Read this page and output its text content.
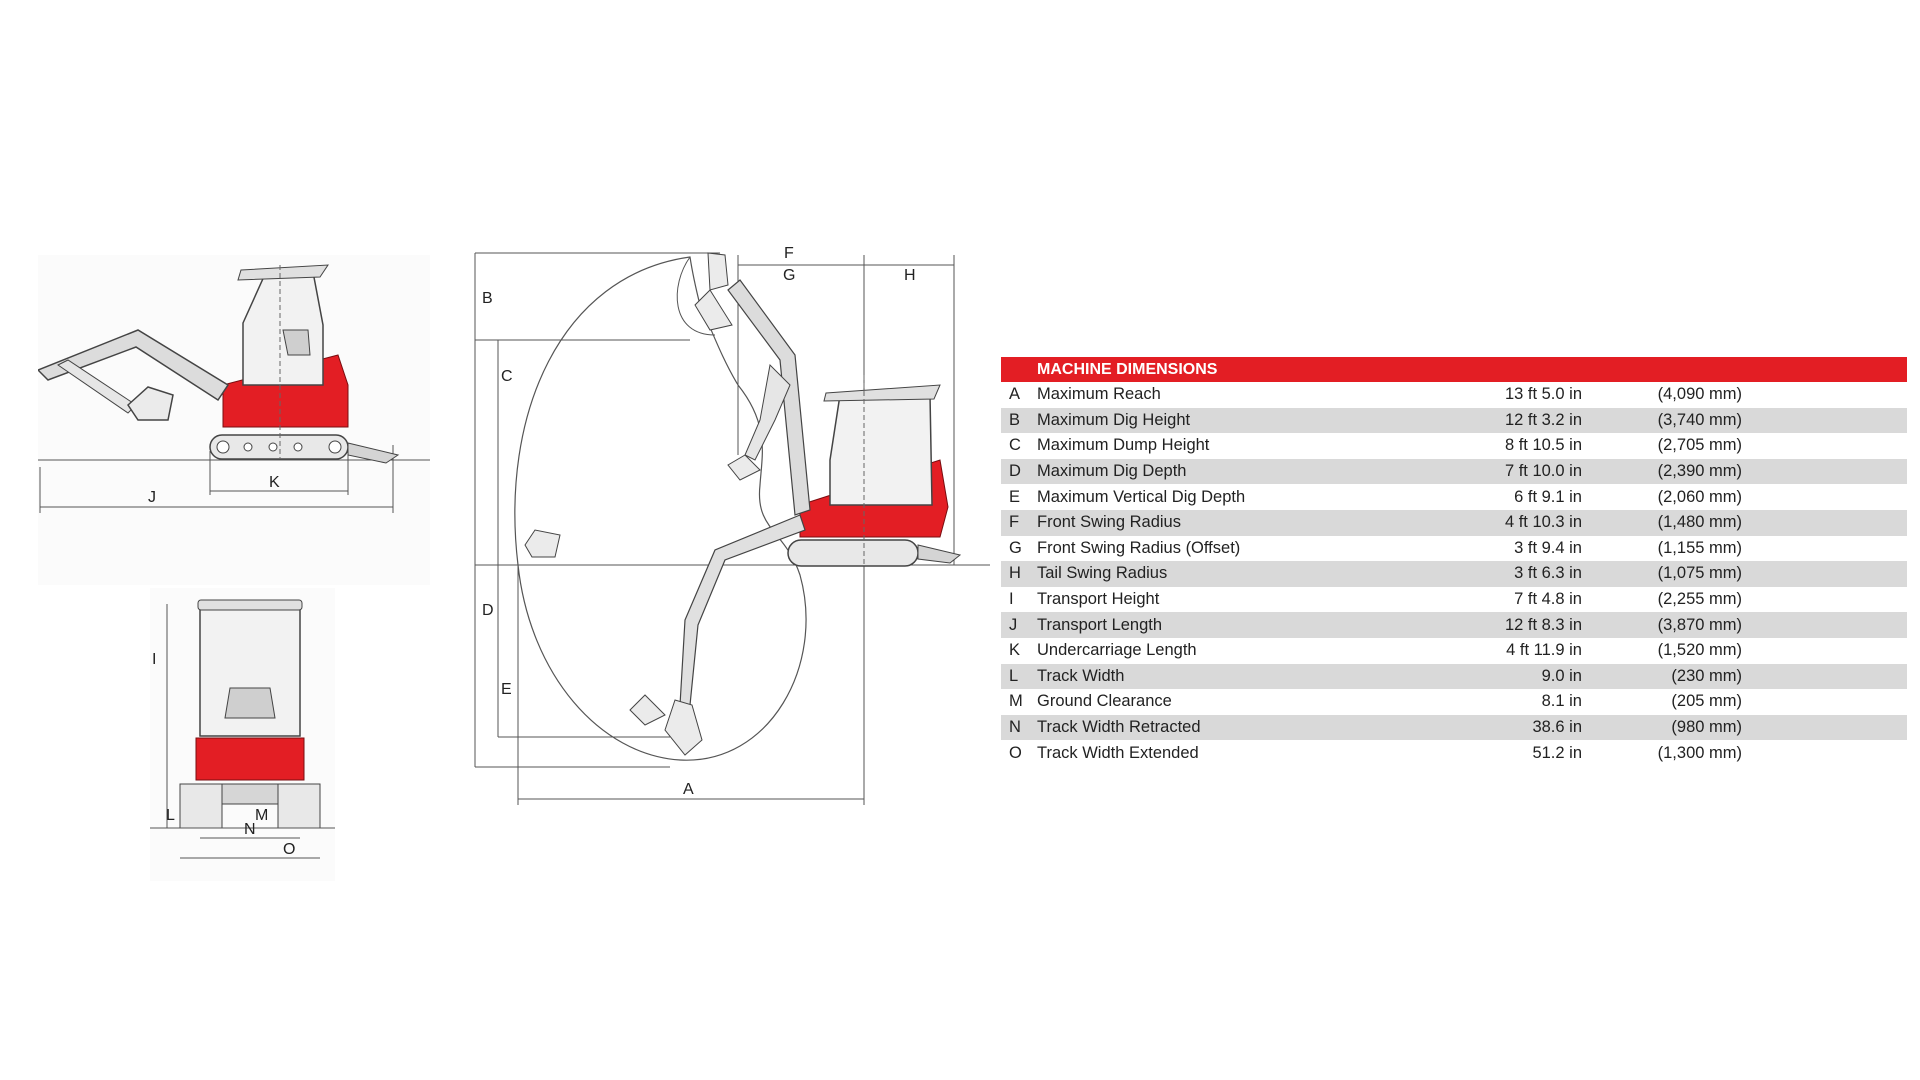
J
K
I
L	M
N
O
B
C
D
E
A
F
G	H
MACHINE DIMENSIONS				
A	Maximum Reach	13 ft 5.0 in	(4,090 mm)	
B	Maximum Dig Height	12 ft 3.2 in	(3,740 mm)	
C	Maximum Dump Height	8 ft 10.5 in	(2,705 mm)	
D	Maximum Dig Depth	7 ft 10.0 in	(2,390 mm)	
E	Maximum Vertical Dig Depth	6 ft 9.1 in	(2,060 mm)	
F	Front Swing Radius	4 ft 10.3 in	(1,480 mm)	
G	Front Swing Radius (Offset)	3 ft 9.4 in	(1,155 mm)	
H	Tail Swing Radius	3 ft 6.3 in	(1,075 mm)	
I	Transport Height	7 ft 4.8 in	(2,255 mm)	
J	Transport Length	12 ft 8.3 in	(3,870 mm)	
K	Undercarriage Length	4 ft 11.9 in	(1,520 mm)	
L	Track Width	9.0 in	(230 mm)	
M	Ground Clearance	8.1 in	(205 mm)	
N	Track Width Retracted	38.6 in	(980 mm)	
O	Track Width Extended	51.2 in	(1,300 mm)	
